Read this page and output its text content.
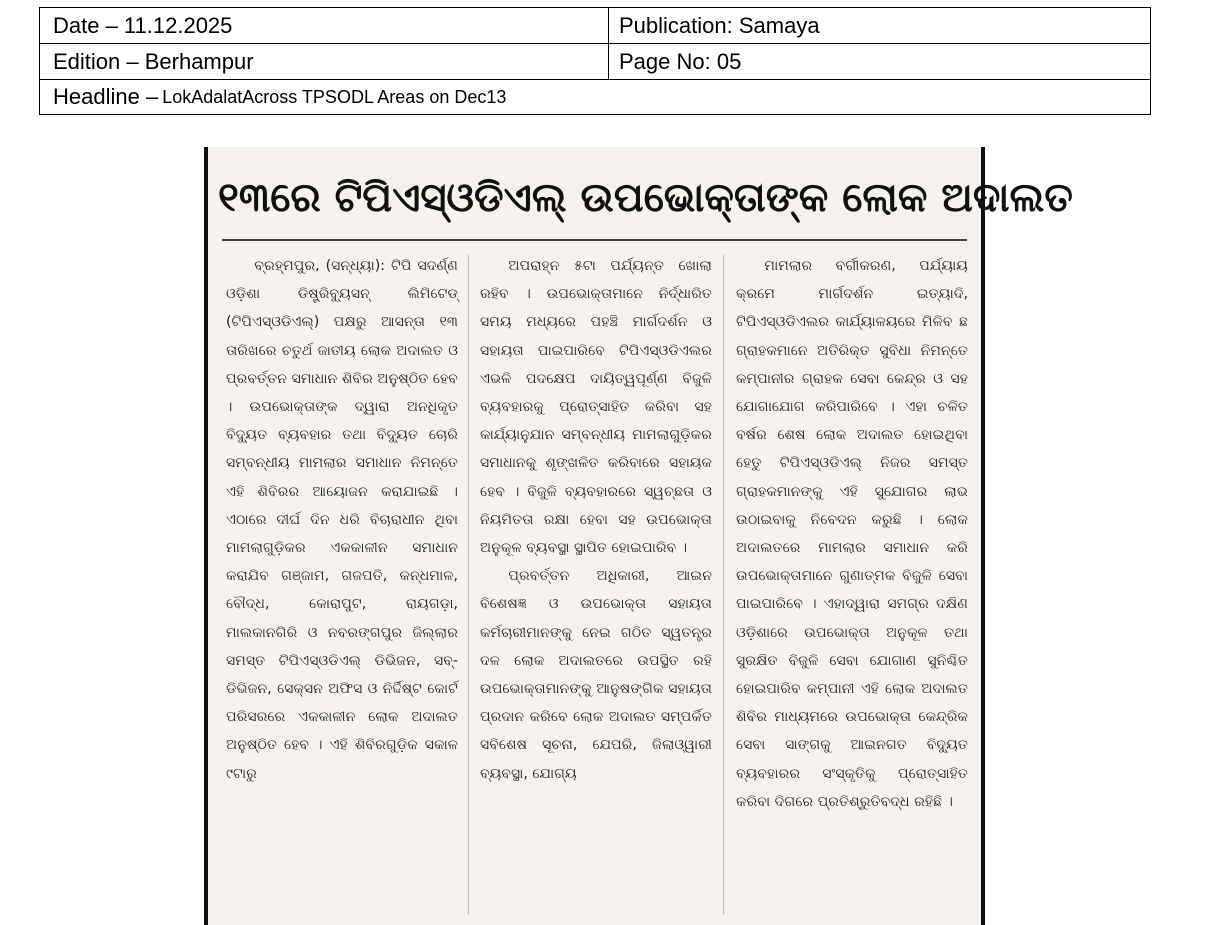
Date – 11.12.2025	Publication: Samaya
Edition – Berhampur	Page No: 05
Headline – LokAdalatAcross TPSODL Areas on Dec13
୧୩ରେ ଟିପିଏସ୍ଓଡିଏଲ୍ ଉପଭୋକ୍ତାଙ୍କ ଲୋକ ଅଦାଲତ

ବ୍ରହ୍ମପୁର, (ସନ୍ଧ୍ୟା): ଟିପି ସଦର୍ଣ୍ଣ ଓଡ଼ିଶା ଡିଷ୍ଟ୍ରିବ୍ୟୁସନ୍ ଲିମିଟେଡ୍ (ଟିପିଏସ୍ଓଡିଏଲ୍) ପକ୍ଷରୁ ଆସନ୍ତା ୧୩ ତାରିଖରେ ଚତୁର୍ଥ ଜାତୀୟ ଲୋକ ଅଦାଲତ ଓ ପ୍ରବର୍ତ୍ତନ ସମାଧାନ ଶିବିର ଅନୁଷ୍ଠିତ ହେବ । ଉପଭୋକ୍ତାଙ୍କ ଦ୍ୱାରା ଅନଧିକୃତ ବିଦ୍ୟୁତ ବ୍ୟବହାର ତଥା ବିଦ୍ୟୁତ ଚୋରି ସମ୍ବନ୍ଧୀୟ ମାମଲାର ସମାଧାନ ନିମନ୍ତେ ଏହି ଶିବିରର ଆୟୋଜନ କରାଯାଇଛି । ଏଠାରେ ଦୀର୍ଘ ଦିନ ଧରି ବିଚାରାଧୀନ ଥିବା ମାମଲାଗୁଡ଼ିକର ଏକକାଳୀନ ସମାଧାନ କରାଯିବ ଗଞ୍ଜାମ, ଗଜପତି, କନ୍ଧମାଳ, ବୌଦ୍ଧ, କୋରାପୁଟ, ରାୟଗଡ଼ା, ମାଲକାନଗିରି ଓ ନବରଙ୍ଗପୁର ଜିଲ୍ଲାର ସମସ୍ତ ଟିପିଏସ୍ଓଡିଏଲ୍ ଡିଭିଜନ, ସବ୍-ଡିଭିଜନ, ସେକ୍ସନ ଅଫିସ ଓ ନିର୍ଦ୍ଦିଷ୍ଟ କୋର୍ଟ ପରିସରରେ ଏକକାଳୀନ ଲୋକ ଅଦାଲତ ଅନୁଷ୍ଠିତ ହେବ । ଏହି ଶିବିରଗୁଡ଼ିକ ସକାଳ ୯ଟାରୁ

ଅପରାହ୍ନ ୫ଟା ପର୍ଯ୍ୟନ୍ତ ଖୋଲା ରହିବ । ଉପଭୋକ୍ତାମାନେ ନିର୍ଦ୍ଧାରିତ ସମୟ ମଧ୍ୟରେ ପହଞ୍ଚି ମାର୍ଗଦର୍ଶନ ଓ ସହାୟତା ପାଇପାରିବେ ଟିପିଏସ୍ଓଡିଏଲର ଏଭଳି ପଦକ୍ଷେପ ଦାୟିତ୍ୱପୂର୍ଣ୍ଣ ବିଜୁଳି ବ୍ୟବହାରକୁ ପ୍ରୋତ୍ସାହିତ କରିବା ସହ କାର୍ଯ୍ୟାନୁଯାନ ସମ୍ବନ୍ଧୀୟ ମାମଲାଗୁଡ଼ିକର ସମାଧାନକୁ ଶୃଙ୍ଖଳିତ କରିବାରେ ସହାୟକ ହେବ । ବିଜୁଳି ବ୍ୟବହାରରେ ସ୍ୱଚ୍ଛତା ଓ ନିୟମିତତା ରକ୍ଷା ହେବା ସହ ଉପଭୋକ୍ତା ଅନୁକୂଳ ବ୍ୟବସ୍ଥା ସ୍ଥାପିତ ହୋଇପାରିବ ।

ପ୍ରବର୍ତ୍ତନ ଅଧିକାରୀ, ଆଇନ ବିଶେଷଜ୍ଞ ଓ ଉପଭୋକ୍ତା ସହାୟତା କର୍ମଚାରୀମାନଙ୍କୁ ନେଇ ଗଠିତ ସ୍ୱତନ୍ତ୍ର ଦଳ ଲୋକ ଅଦାଲତରେ ଉପସ୍ଥିତ ରହି ଉପଭୋକ୍ତାମାନଙ୍କୁ ଆନୁଷଙ୍ଗିକ ସହାୟତା ପ୍ରଦାନ କରିବେ ଲୋକ ଅଦାଲତ ସମ୍ପର୍କିତ ସବିଶେଷ ସୂଚନା, ଯେପରି, ଜିଲାଓ୍ୱାରୀ ବ୍ୟବସ୍ଥା, ଯୋଗ୍ୟ

ମାମଲାର ବର୍ଗୀକରଣ, ପର୍ଯ୍ୟାୟ କ୍ରମେ ମାର୍ଗଦର୍ଶନ ଇତ୍ୟାଦି, ଟିପିଏସ୍ଓଡିଏଲର କାର୍ଯ୍ୟାଳୟରେ ମିଳିବ ଛ ଗ୍ରାହକମାନେ ଅତିରିକ୍ତ ସୁବିଧା ନିମନ୍ତେ କମ୍ପାନୀର ଗ୍ରାହକ ସେବା କେନ୍ଦ୍ର ଓ ସହ ଯୋଗାଯୋଗ କରିପାରିବେ । ଏହା ଚଳିତ ବର୍ଷର ଶେଷ ଲୋକ ଅଦାଲତ ହୋଇଥିବା ହେତୁ ଟିପିଏସ୍ଓଡିଏଲ୍ ନିଜର ସମସ୍ତ ଗ୍ରାହକମାନଙ୍କୁ ଏହି ସୁଯୋଗର ଲାଭ ଉଠାଇବାକୁ ନିବେଦନ କରୁଛି । ଲୋକ ଅଦାଲତରେ ମାମଲାର ସମାଧାନ କରି ଉପଭୋକ୍ତାମାନେ ଗୁଣାତ୍ମକ ବିଜୁଳି ସେବା ପାଇପାରିବେ । ଏହାଦ୍ୱାରା ସମଗ୍ର ଦକ୍ଷିଣ ଓଡ଼ିଶାରେ ଉପଭୋକ୍ତା ଅନୁକୂଳ ତଥା ସୁରକ୍ଷିତ ବିଜୁଳି ସେବା ଯୋଗାଣ ସୁନିଶ୍ଚିତ ହୋଇପାରିବ କମ୍ପାନୀ ଏହି ଲୋକ ଅଦାଲତ ଶିବିର ମାଧ୍ୟମରେ ଉପଭୋକ୍ତା କେନ୍ଦ୍ରିକ ସେବା ସାଙ୍ଗକୁ ଆଇନଗତ ବିଦ୍ୟୁତ ବ୍ୟବହାରର ସଂସ୍କୃତିକୁ ପ୍ରୋତ୍ସାହିତ କରିବା ଦିଗରେ ପ୍ରତିଶ୍ରୁତିବଦ୍ଧ ରହିଛି ।
